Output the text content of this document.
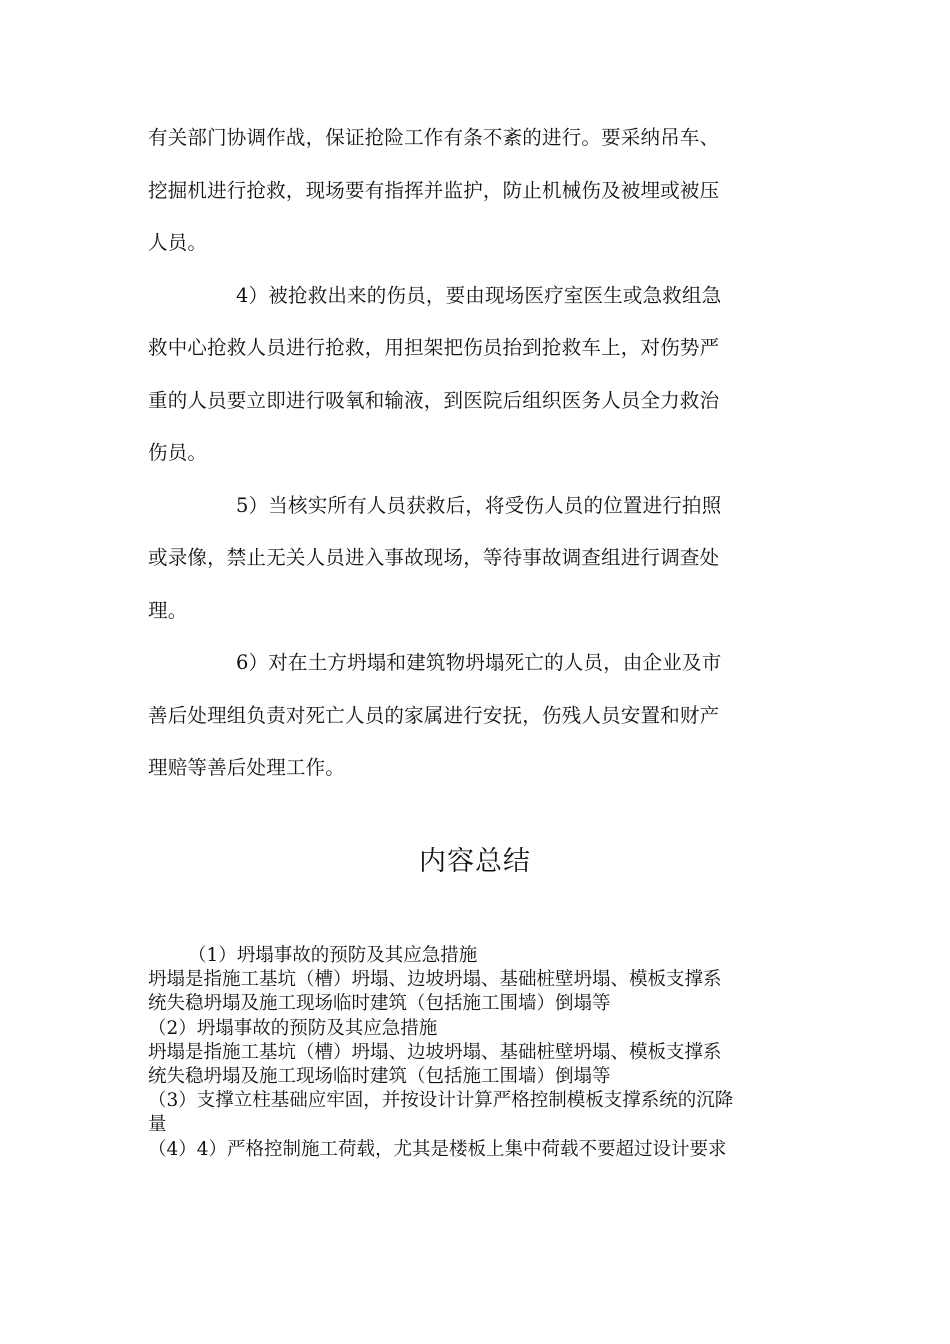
有关部门协调作战，保证抢险工作有条不紊的进行。要采纳吊车、
挖掘机进行抢救，现场要有指挥并监护，防止机械伤及被埋或被压
人员。
4）被抢救出来的伤员，要由现场医疗室医生或急救组急
救中心抢救人员进行抢救，用担架把伤员抬到抢救车上，对伤势严
重的人员要立即进行吸氧和输液，到医院后组织医务人员全力救治
伤员。
5）当核实所有人员获救后，将受伤人员的位置进行拍照
或录像，禁止无关人员进入事故现场，等待事故调查组进行调查处
理。
6）对在土方坍塌和建筑物坍塌死亡的人员，由企业及市
善后处理组负责对死亡人员的家属进行安抚，伤残人员安置和财产
理赔等善后处理工作。
内容总结
（1）坍塌事故的预防及其应急措施
坍塌是指施工基坑（槽）坍塌、边坡坍塌、基础桩壁坍塌、模板支撑系
统失稳坍塌及施工现场临时建筑（包括施工围墙）倒塌等
（2）坍塌事故的预防及其应急措施
坍塌是指施工基坑（槽）坍塌、边坡坍塌、基础桩壁坍塌、模板支撑系
统失稳坍塌及施工现场临时建筑（包括施工围墙）倒塌等
（3）支撑立柱基础应牢固，并按设计计算严格控制模板支撑系统的沉降
量
（4）4）严格控制施工荷载，尤其是楼板上集中荷载不要超过设计要求
